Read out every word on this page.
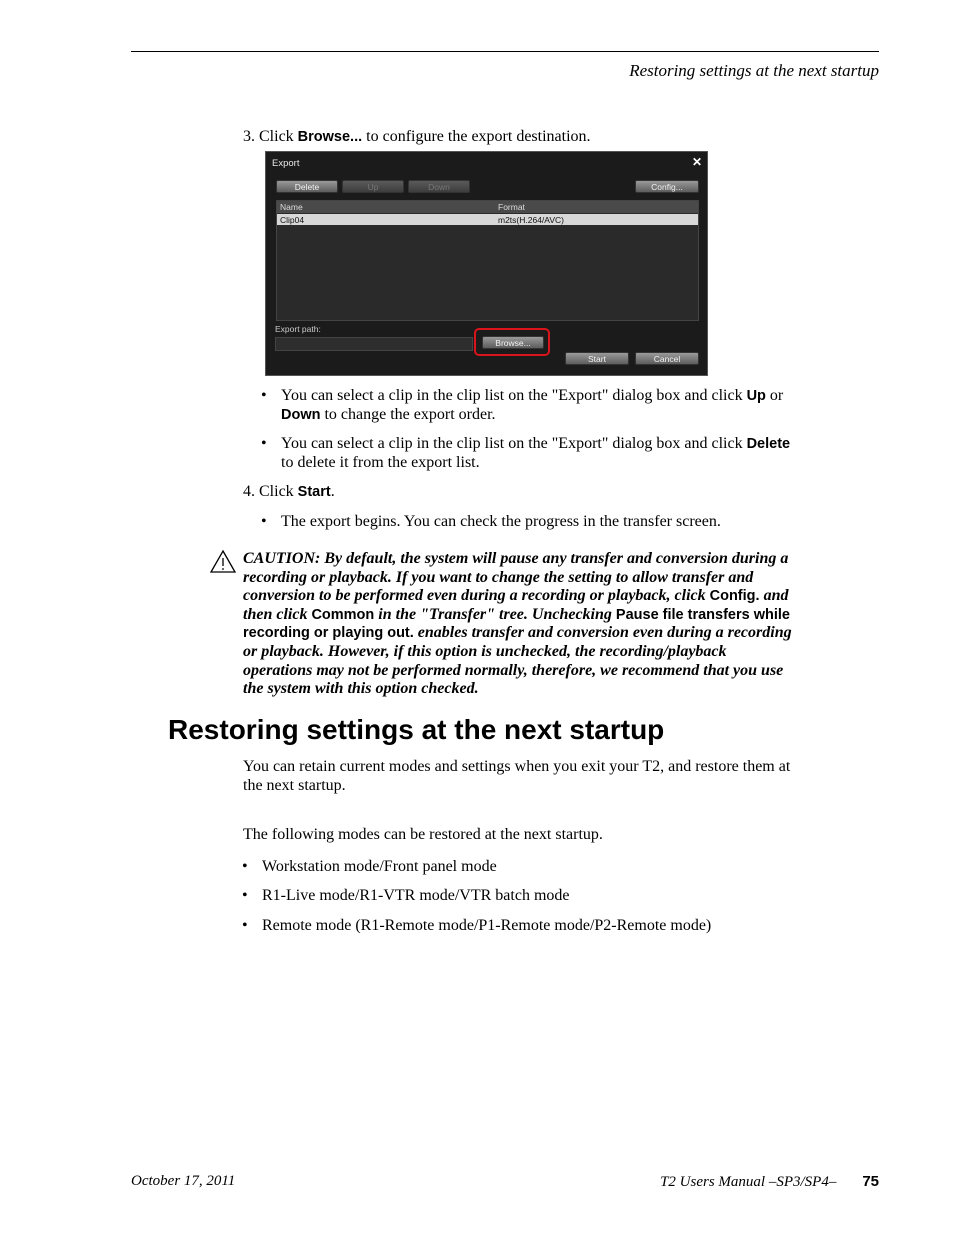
Restoring settings at the next startup
3. Click Browse... to configure the export destination.
Export	✕
Delete	Up	Down	Config...
Name	Format
Clip04	m2ts(H.264/AVC)
Export path:
Browse...
Start	Cancel
• You can select a clip in the clip list on the "Export" dialog box and click Up or
Down to change the export order.
• You can select a clip in the clip list on the "Export" dialog box and click Delete
to delete it from the export list.
4. Click Start.
• The export begins. You can check the progress in the transfer screen.
CAUTION: By default, the system will pause any transfer and conversion during a
recording or playback. If you want to change the setting to allow transfer and
conversion to be performed even during a recording or playback, click Config. and
then click Common in the "Transfer" tree. Unchecking Pause file transfers while
recording or playing out. enables transfer and conversion even during a recording
or playback. However, if this option is unchecked, the recording/playback
operations may not be performed normally, therefore, we recommend that you use
the system with this option checked.
Restoring settings at the next startup
You can retain current modes and settings when you exit your T2, and restore them at
the next startup.
The following modes can be restored at the next startup.
• Workstation mode/Front panel mode
• R1-Live mode/R1-VTR mode/VTR batch mode
• Remote mode (R1-Remote mode/P1-Remote mode/P2-Remote mode)
October 17, 2011	T2 Users Manual –SP3/SP4– 75
